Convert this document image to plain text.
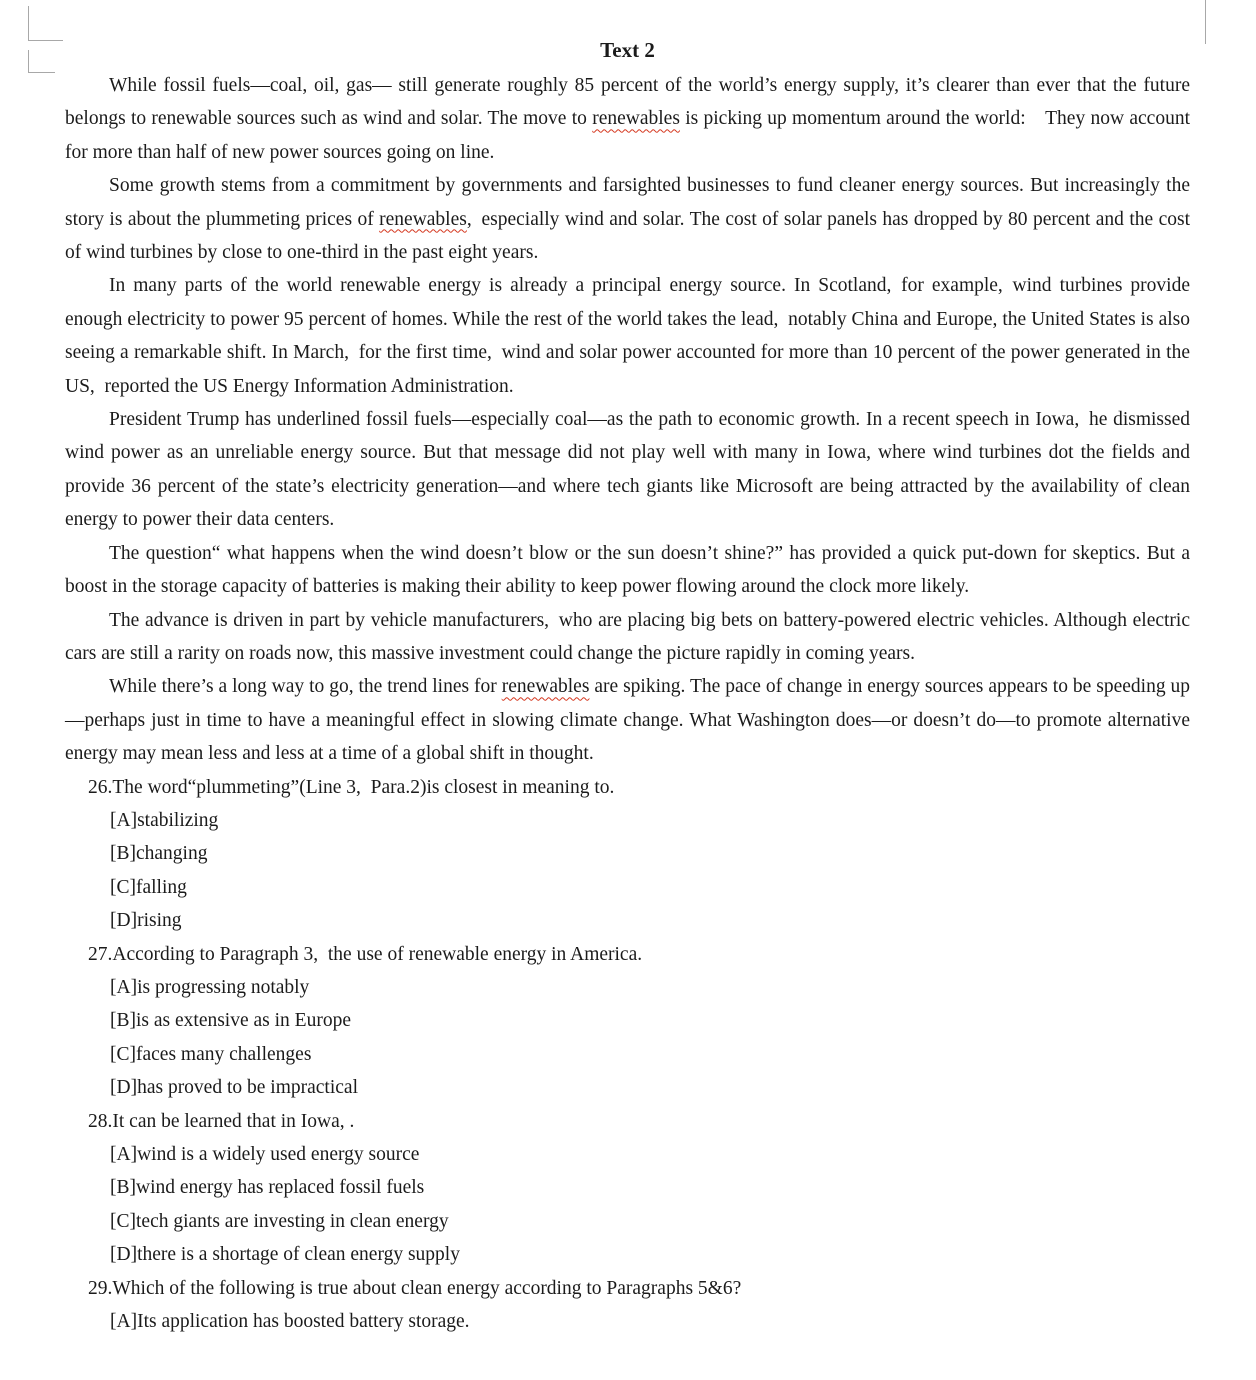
Text 2

While fossil fuels—coal, oil, gas— still generate roughly 85 percent of the world’s energy supply, it’s clearer than ever that the future belongs to renewable sources such as wind and solar. The move to renewables is picking up momentum around the world: They now account for more than half of new power sources going on line.

Some growth stems from a commitment by governments and farsighted businesses to fund cleaner energy sources. But increasingly the story is about the plummeting prices of renewables, especially wind and solar. The cost of solar panels has dropped by 80 percent and the cost of wind turbines by close to one-third in the past eight years.

In many parts of the world renewable energy is already a principal energy source. In Scotland, for example, wind turbines provide enough electricity to power 95 percent of homes. While the rest of the world takes the lead, notably China and Europe, the United States is also seeing a remarkable shift. In March, for the first time, wind and solar power accounted for more than 10 percent of the power generated in the US, reported the US Energy Information Administration.

President Trump has underlined fossil fuels—especially coal—as the path to economic growth. In a recent speech in Iowa, he dismissed wind power as an unreliable energy source. But that message did not play well with many in Iowa, where wind turbines dot the fields and provide 36 percent of the state’s electricity generation—and where tech giants like Microsoft are being attracted by the availability of clean energy to power their data centers.

The question“ what happens when the wind doesn’t blow or the sun doesn’t shine?” has provided a quick put-down for skeptics. But a boost in the storage capacity of batteries is making their ability to keep power flowing around the clock more likely.

The advance is driven in part by vehicle manufacturers, who are placing big bets on battery-powered electric vehicles. Although electric cars are still a rarity on roads now, this massive investment could change the picture rapidly in coming years.

While there’s a long way to go, the trend lines for renewables are spiking. The pace of change in energy sources appears to be speeding up—perhaps just in time to have a meaningful effect in slowing climate change. What Washington does—or doesn’t do—to promote alternative energy may mean less and less at a time of a global shift in thought.

26.The word“plummeting”(Line 3, Para.2)is closest in meaning to.
[A]stabilizing
[B]changing
[C]falling
[D]rising
27.According to Paragraph 3, the use of renewable energy in America.
[A]is progressing notably
[B]is as extensive as in Europe
[C]faces many challenges
[D]has proved to be impractical
28.It can be learned that in Iowa, .
[A]wind is a widely used energy source
[B]wind energy has replaced fossil fuels
[C]tech giants are investing in clean energy
[D]there is a shortage of clean energy supply
29.Which of the following is true about clean energy according to Paragraphs 5&6?
[A]Its application has boosted battery storage.
